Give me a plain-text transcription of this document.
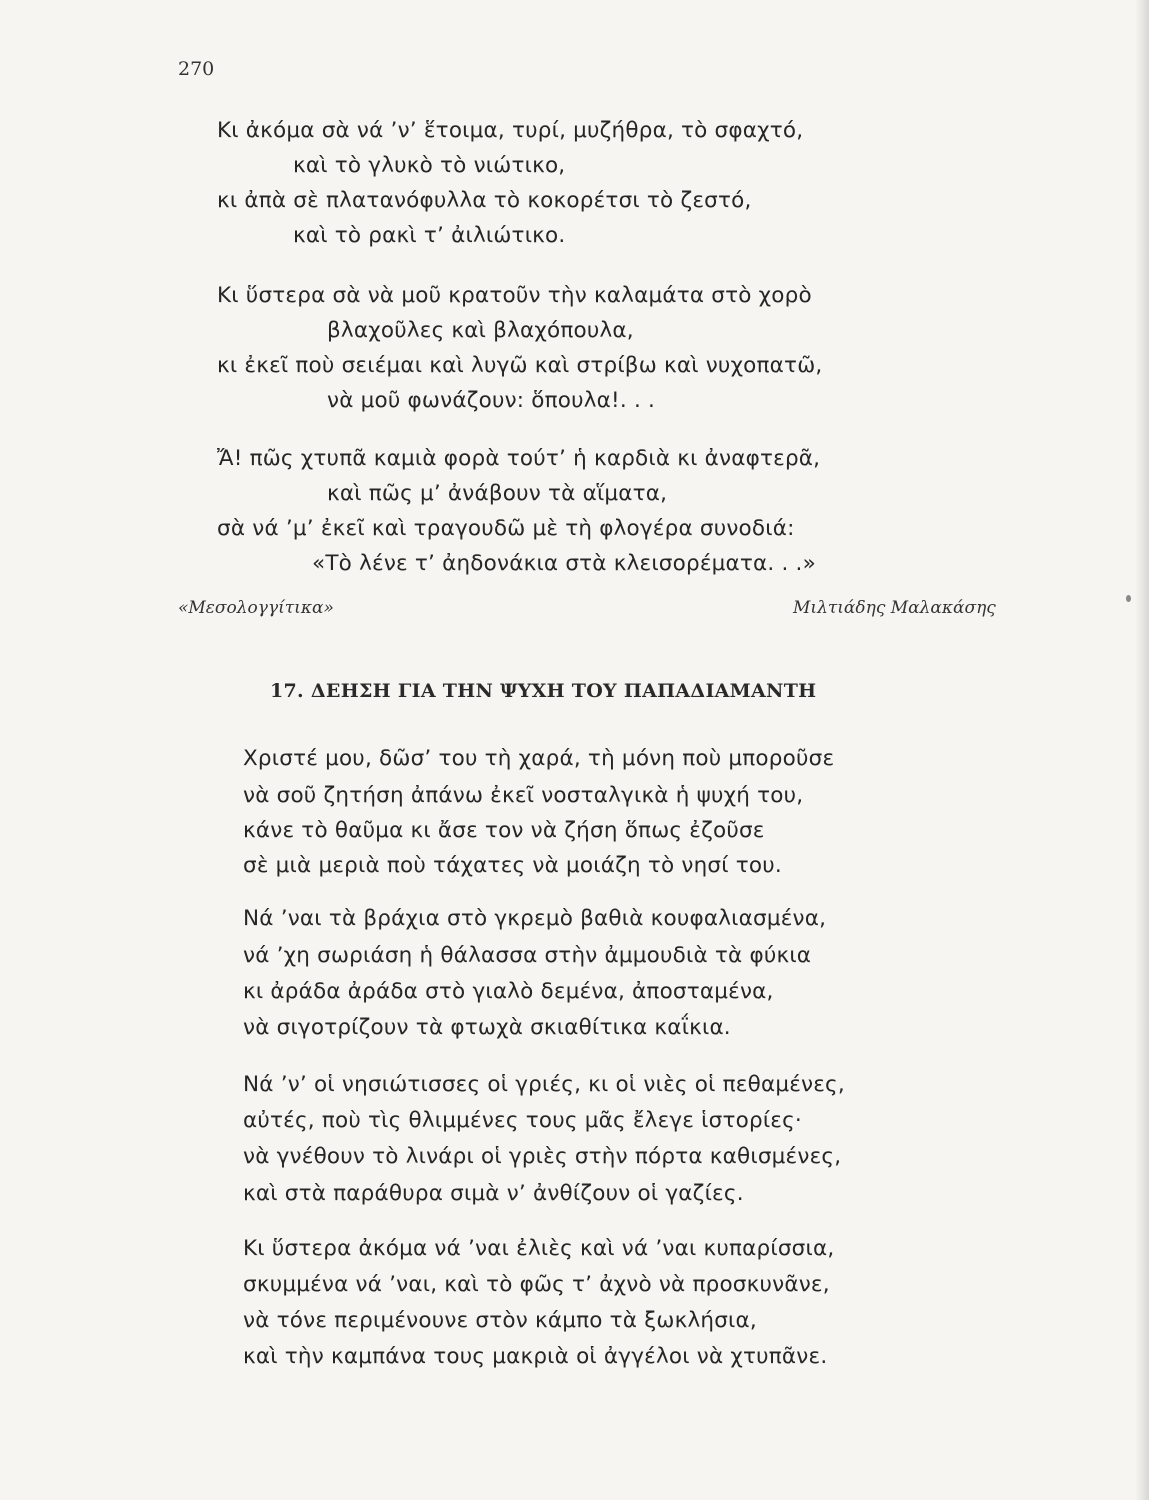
270
Κι ἀκόμα σὰ νά ’ν’ ἕτοιμα, τυρί, μυζήθρα, τὸ σφαχτό,
καὶ τὸ γλυκὸ τὸ νιώτικο,
κι ἀπὰ σὲ πλατανόφυλλα τὸ κοκορέτσι τὸ ζεστό,
καὶ τὸ ρακὶ τ’ ἀιλιώτικο.
Κι ὕστερα σὰ νὰ μοῦ κρατοῦν τὴν καλαμάτα στὸ χορὸ
βλαχοῦλες καὶ βλαχόπουλα,
κι ἐκεῖ ποὺ σειέμαι καὶ λυγῶ καὶ στρίβω καὶ νυχοπατῶ,
νὰ μοῦ φωνάζουν: ὅπουλα!. . .
Ἄ! πῶς χτυπᾶ καμιὰ φορὰ τούτ’ ἡ καρδιὰ κι ἀναφτερᾶ,
καὶ πῶς μ’ ἀνάβουν τὰ αἵματα,
σὰ νά ’μ’ ἐκεῖ καὶ τραγουδῶ μὲ τὴ φλογέρα συνοδιά:
«Τὸ λένε τ’ ἀηδονάκια στὰ κλεισορέματα. . .»
«Μεσολογγίτικα»	Μιλτιάδης Μαλακάσης
17. ΔΕΗΣΗ ΓΙΑ ΤΗΝ ΨΥΧΗ ΤΟΥ ΠΑΠΑΔΙΑΜΑΝΤΗ
Χριστέ μου, δῶσ’ του τὴ χαρά, τὴ μόνη ποὺ μποροῦσε
νὰ σοῦ ζητήση ἀπάνω ἐκεῖ νοσταλγικὰ ἡ ψυχή του,
κάνε τὸ θαῦμα κι ἄσε τον νὰ ζήση ὅπως ἐζοῦσε
σὲ μιὰ μεριὰ ποὺ τάχατες νὰ μοιάζη τὸ νησί του.
Νά ’ναι τὰ βράχια στὸ γκρεμὸ βαθιὰ κουφαλιασμένα,
νά ’χη σωριάση ἡ θάλασσα στὴν ἀμμουδιὰ τὰ φύκια
κι ἀράδα ἀράδα στὸ γιαλὸ δεμένα, ἀποσταμένα,
νὰ σιγοτρίζουν τὰ φτωχὰ σκιαθίτικα καΐκια.
Νά ’ν’ οἱ νησιώτισσες οἱ γριές, κι οἱ νιὲς οἱ πεθαμένες,
αὐτές, ποὺ τὶς θλιμμένες τους μᾶς ἔλεγε ἱστορίες·
νὰ γνέθουν τὸ λινάρι οἱ γριὲς στὴν πόρτα καθισμένες,
καὶ στὰ παράθυρα σιμὰ ν’ ἀνθίζουν οἱ γαζίες.
Κι ὕστερα ἀκόμα νά ’ναι ἐλιὲς καὶ νά ’ναι κυπαρίσσια,
σκυμμένα νά ’ναι, καὶ τὸ φῶς τ’ ἀχνὸ νὰ προσκυνᾶνε,
νὰ τόνε περιμένουνε στὸν κάμπο τὰ ξωκλήσια,
καὶ τὴν καμπάνα τους μακριὰ οἱ ἀγγέλοι νὰ χτυπᾶνε.
